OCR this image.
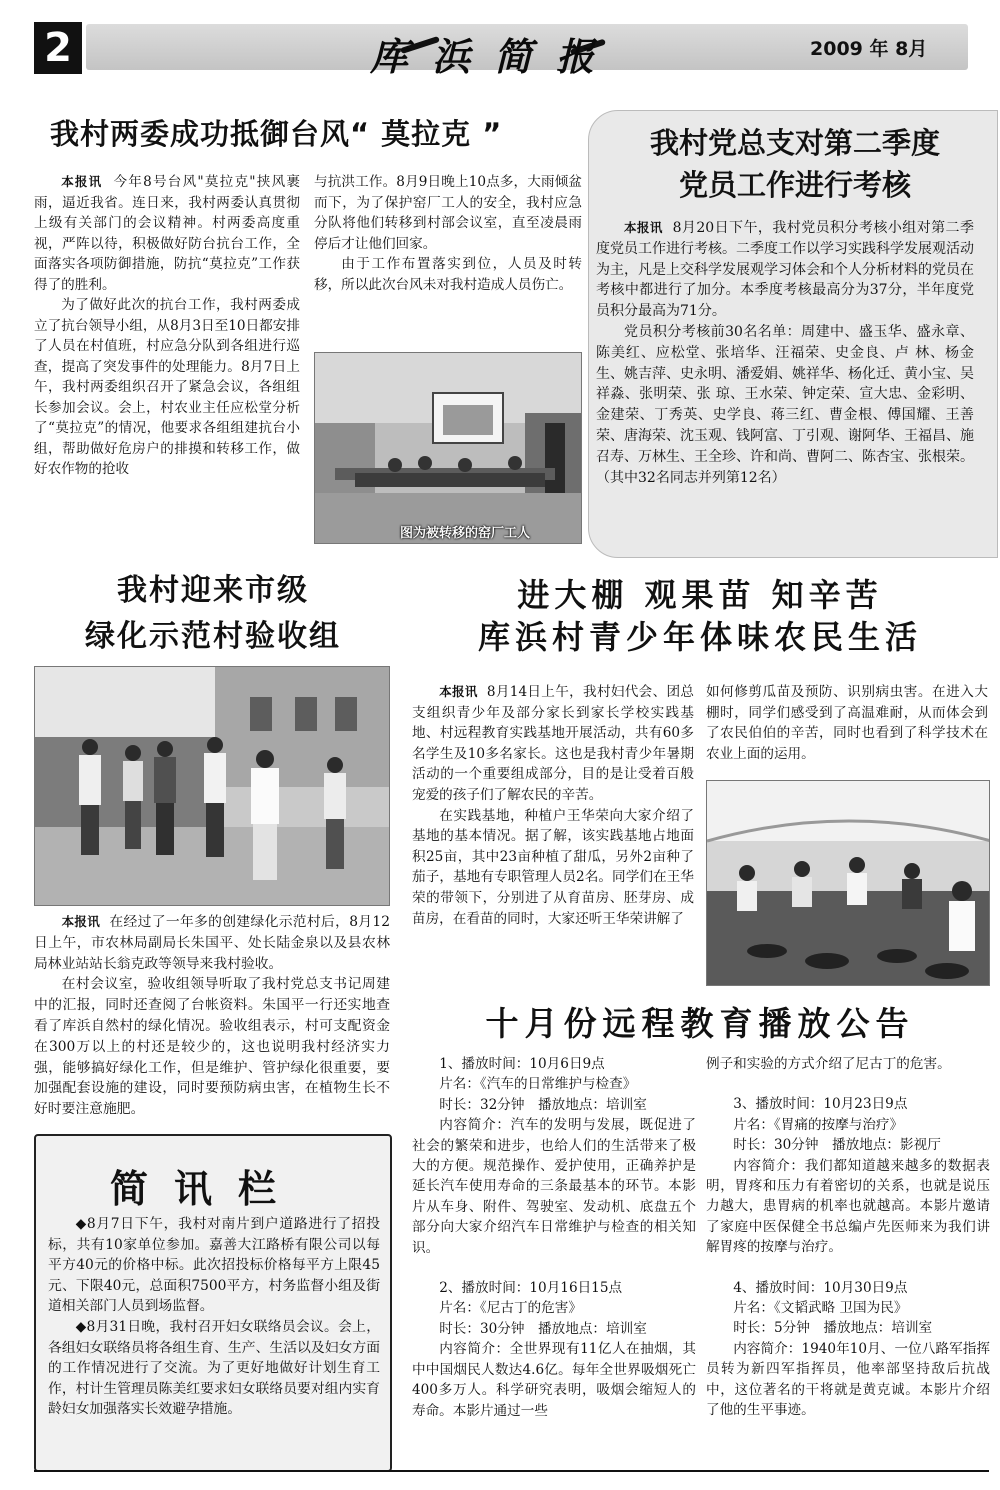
2	库浜简报	2009 年 8月
我村两委成功抵御台风“ 莫拉克 ”

本报讯 今年8号台风"莫拉克"挟风裹雨，逼近我省。连日来，我村两委认真贯彻上级有关部门的会议精神。村两委高度重视，严阵以待，积极做好防台抗台工作，全面落实各项防御措施，防抗“莫拉克”工作获得了的胜利。

为了做好此次的抗台工作，我村两委成立了抗台领导小组，从8月3日至10日都安排了人员在村值班，村应急分队到各组进行巡查，提高了突发事件的处理能力。8月7日上午，我村两委组织召开了紧急会议，各组组长参加会议。会上，村农业主任应松堂分析了“莫拉克”的情况，他要求各组组建抗台小组，帮助做好危房户的排摸和转移工作，做好农作物的抢收

与抗洪工作。8月9日晚上10点多，大雨倾盆而下，为了保护窑厂工人的安全，我村应急分队将他们转移到村部会议室，直至凌晨雨停后才让他们回家。

由于工作布置落实到位，人员及时转移，所以此次台风未对我村造成人员伤亡。

图为被转移的窑厂工人
我村党总支对第二季度
党员工作进行考核

本报讯 8月20日下午，我村党员积分考核小组对第二季度党员工作进行考核。二季度工作以学习实践科学发展观活动为主，凡是上交科学发展观学习体会和个人分析材料的党员在考核中都进行了加分。本季度考核最高分为37分，半年度党员积分最高为71分。

党员积分考核前30名名单：周建中、盛玉华、盛永章、陈美红、应松堂、张培华、汪福荣、史金良、卢 林、杨金生、姚吉萍、史永明、潘爱娟、姚祥华、杨化迁、黄小宝、吴祥淼、张明荣、张 琼、王水荣、钟定荣、宣大忠、金彩明、金建荣、丁秀英、史学良、蒋三红、曹金根、傅国耀、王善荣、唐海荣、沈玉观、钱阿富、丁引观、谢阿华、王福昌、施召寿、万林生、王全珍、许和尚、曹阿二、陈杏宝、张根荣。（其中32名同志并列第12名）

我村迎来市级
绿化示范村验收组

本报讯 在经过了一年多的创建绿化示范村后，8月12日上午，市农林局副局长朱国平、处长陆金泉以及县农林局林业站站长翁克政等领导来我村验收。

在村会议室，验收组领导听取了我村党总支书记周建中的汇报，同时还查阅了台帐资料。朱国平一行还实地查看了库浜自然村的绿化情况。验收组表示，村可支配资金在300万以上的村还是较少的，这也说明我村经济实力强，能够搞好绿化工作，但是维护、管护绿化很重要，要加强配套设施的建设，同时要预防病虫害，在植物生长不好时要注意施肥。

进大棚 观果苗 知辛苦
库浜村青少年体味农民生活

本报讯 8月14日上午，我村妇代会、团总支组织青少年及部分家长到家长学校实践基地、村远程教育实践基地开展活动，共有60多名学生及10多名家长。这也是我村青少年暑期活动的一个重要组成部分，目的是让受着百般宠爱的孩子们了解农民的辛苦。

在实践基地，种植户王华荣向大家介绍了基地的基本情况。据了解，该实践基地占地面积25亩，其中23亩种植了甜瓜，另外2亩种了茄子，基地有专职管理人员2名。同学们在王华荣的带领下，分别进了从育苗房、胚芽房、成苗房，在看苗的同时，大家还听王华荣讲解了

如何修剪瓜苗及预防、识别病虫害。在进入大棚时，同学们感受到了高温难耐，从而体会到了农民伯伯的辛苦，同时也看到了科学技术在农业上面的运用。

简讯栏

◆8月7日下午，我村对南片到户道路进行了招投标，共有10家单位参加。嘉善大江路桥有限公司以每平方40元的价格中标。此次招投标价格每平方上限45元、下限40元，总面积7500平方，村务监督小组及街道相关部门人员到场监督。

◆8月31日晚，我村召开妇女联络员会议。会上，各组妇女联络员将各组生育、生产、生活以及妇女方面的工作情况进行了交流。为了更好地做好计划生育工作，村计生管理员陈美红要求妇女联络员要对组内实育龄妇女加强落实长效避孕措施。

十月份远程教育播放公告

1、播放时间：10月6日9点

片名：《汽车的日常维护与检查》

时长：32分钟　播放地点：培训室

内容简介：汽车的发明与发展，既促进了社会的繁荣和进步，也给人们的生活带来了极大的方便。规范操作、爱护使用，正确养护是延长汽车使用寿命的三条最基本的环节。本影片从车身、附件、驾驶室、发动机、底盘五个部分向大家介绍汽车日常维护与检查的相关知识。

2、播放时间：10月16日15点

片名：《尼古丁的危害》

时长：30分钟　播放地点：培训室

内容简介：全世界现有11亿人在抽烟，其中中国烟民人数达4.6亿。每年全世界吸烟死亡400多万人。科学研究表明，吸烟会缩短人的寿命。本影片通过一些

例子和实验的方式介绍了尼古丁的危害。

3、播放时间：10月23日9点

片名：《胃痛的按摩与治疗》

时长：30分钟　播放地点：影视厅

内容简介：我们都知道越来越多的数据表明，胃疼和压力有着密切的关系，也就是说压力越大，患胃病的机率也就越高。本影片邀请了家庭中医保健全书总编卢先医师来为我们讲解胃疼的按摩与治疗。

4、播放时间：10月30日9点

片名：《文韬武略 卫国为民》

时长：5分钟　播放地点：培训室

内容简介：1940年10月、一位八路军指挥员转为新四军指挥员，他率部坚持敌后抗战中，这位著名的干将就是黄克诚。本影片介绍了他的生平事迹。
